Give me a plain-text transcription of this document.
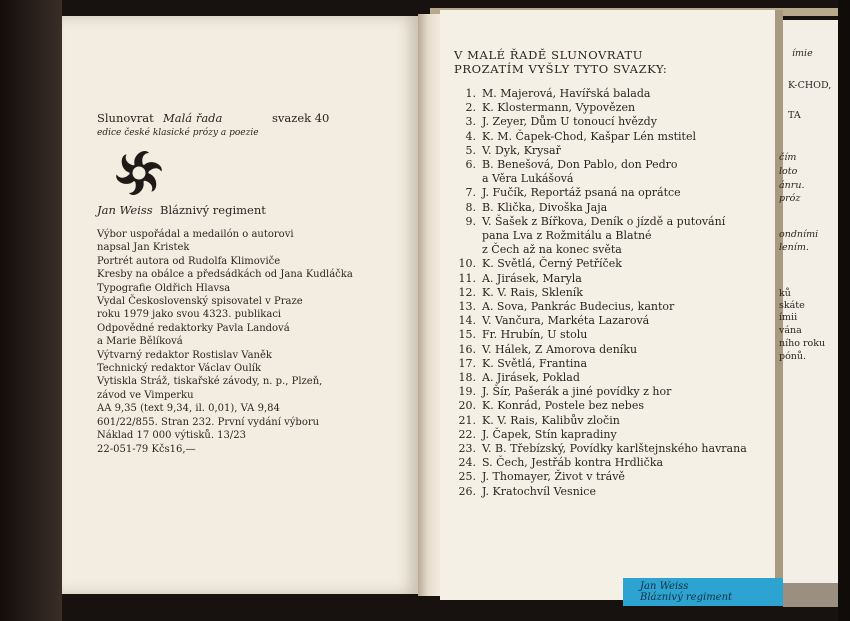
Slunovrat Malá řada	svazek 40
edice české klasické prózy a poezie
Jan Weiss Bláznivý regiment
Výbor uspořádal a medailón o autorovi
napsal Jan Kristek
Portrét autora od Rudolfa Klimoviče
Kresby na obálce a předsádkách od Jana Kudláčka
Typografie Oldřich Hlavsa
Vydal Československý spisovatel v Praze
roku 1979 jako svou 4323. publikaci
Odpovědné redaktorky Pavla Landová
a Marie Bělíková
Výtvarný redaktor Rostislav Vaněk
Technický redaktor Václav Oulík
Vytiskla Stráž, tiskařské závody, n. p., Plzeň,
závod ve Vimperku
AA 9,35 (text 9,34, il. 0,01), VA 9,84
601/22/855. Stran 232. První vydání výboru
Náklad 17 000 výtisků. 13/23
22-051-79 Kčs16,—
V MALÉ ŘADĚ SLUNOVRATU
PROZATÍM VYŠLY TYTO SVAZKY:
1. M. Majerová, Havířská balada
2. K. Klostermann, Vypovězen
3. J. Zeyer, Dům U tonoucí hvězdy
4. K. M. Čapek-Chod, Kašpar Lén mstitel
5. V. Dyk, Krysař
6. B. Benešová, Don Pablo, don Pedro
a Věra Lukášová
7. J. Fučík, Reportáž psaná na oprátce
8. B. Klička, Divoška Jaja
9. V. Šašek z Bířkova, Deník o jízdě a putování
pana Lva z Rožmitálu a Blatné
z Čech až na konec světa
10. K. Světlá, Černý Petříček
11. A. Jirásek, Maryla
12. K. V. Rais, Skleník
13. A. Sova, Pankrác Budecius, kantor
14. V. Vančura, Markéta Lazarová
15. Fr. Hrubín, U stolu
16. V. Hálek, Z Amorova deníku
17. K. Světlá, Frantina
18. A. Jirásek, Poklad
19. J. Šír, Pašerák a jiné povídky z hor
20. K. Konrád, Postele bez nebes
21. K. V. Rais, Kalibův zločin
22. J. Čapek, Stín kapradiny
23. V. B. Třebízský, Povídky karlštejnského havrana
24. S. Čech, Jestřáb kontra Hrdlička
25. J. Thomayer, Život v trávě
26. J. Kratochvíl Vesnice
ímie
K-CHOD,
TA
čím
loto
ánru.
próz
ondními
lením.
ků
skáte
ímii
vána
ního roku
pónů.
Jan Weiss
Bláznivý regiment
